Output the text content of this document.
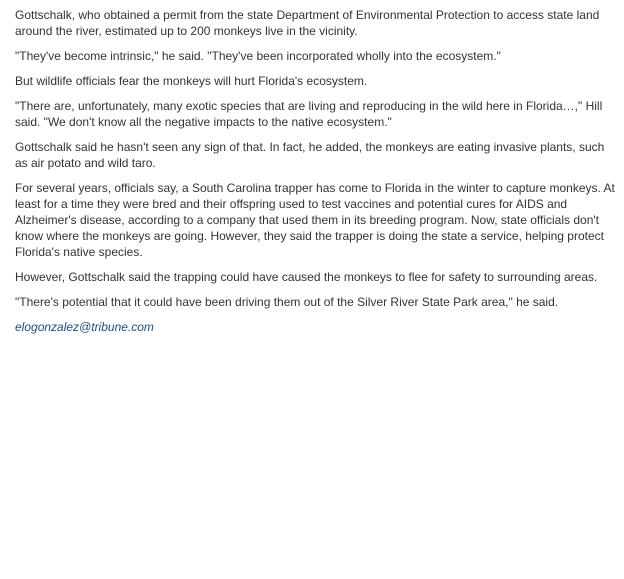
Gottschalk, who obtained a permit from the state Department of Environmental Protection to access state land around the river, estimated up to 200 monkeys live in the vicinity.

"They've become intrinsic," he said. "They've been incorporated wholly into the ecosystem."

But wildlife officials fear the monkeys will hurt Florida's ecosystem.

"There are, unfortunately, many exotic species that are living and reproducing in the wild here in Florida…," Hill said. "We don't know all the negative impacts to the native ecosystem."

Gottschalk said he hasn't seen any sign of that. In fact, he added, the monkeys are eating invasive plants, such as air potato and wild taro.

For several years, officials say, a South Carolina trapper has come to Florida in the winter to capture monkeys. At least for a time they were bred and their offspring used to test vaccines and potential cures for AIDS and Alzheimer's disease, according to a company that used them in its breeding program. Now, state officials don't know where the monkeys are going. However, they said the trapper is doing the state a service, helping protect Florida's native species.

However, Gottschalk said the trapping could have caused the monkeys to flee for safety to surrounding areas.

"There's potential that it could have been driving them out of the Silver River State Park area," he said.

elogonzalez@tribune.com
